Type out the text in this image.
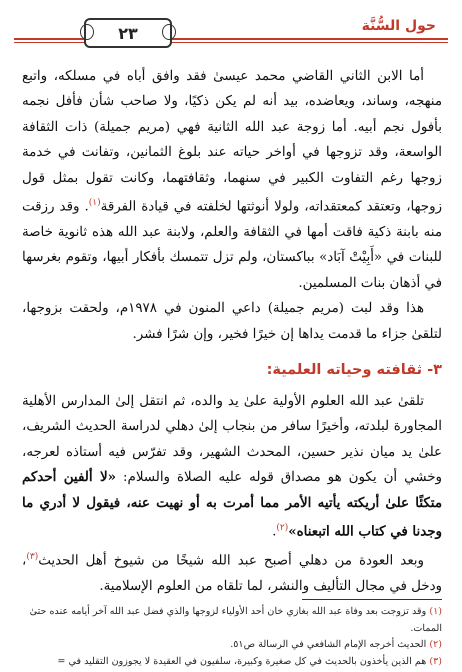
حول السُّنَّة
٢٣

أما الابن الثاني القاضي محمد عيسىٰ فقد وافق أباه في مسلكه، واتبع منهجه، وساند، ويعاضده، بيد أنه لم يكن ذكيًا، ولا صاحب شأن فأفل نجمه بأفول نجم أبيه. أما زوجة عبد الله الثانية فهي (مريم جميلة) ذات الثقافة الواسعة، وقد تزوجها في أواخر حياته عند بلوغ الثمانين، وتفانت في خدمة زوجها رغم التفاوت الكبير في سنهما، وثقافتهما، وكانت تقول بمثل قول زوجها، وتعتقد كمعتقداته، ولولا أنوثتها لخلفته في قيادة الفرقة$^{(١)}$. وقد رزقت منه بابنة ذكية فاقت أمها في الثقافة والعلم، ولابنة عبد الله هذه ثانوية خاصة للبنات في «أَبِيْتْ آبَاد» بباكستان، ولم تزل تتمسك بأفكار أبيها، وتقوم بغرسها في أذهان بنات المسلمين.

هذا وقد لبت (مريم جميلة) داعي المنون في ١٩٧٨م، ولحقت بزوجها، لتلقىٰ جزاء ما قدمت يداها إن خيرًا فخير، وإن شرًا فشر.

٣- ثقافته وحياته العلمية:

تلقىٰ عبد الله العلوم الأولية علىٰ يد والده، ثم انتقل إلىٰ المدارس الأهلية المجاورة لبلدته، وأخيرًا سافر من بنجاب إلىٰ دهلي لدراسة الحديث الشريف، علىٰ يد ميان نذير حسين، المحدث الشهير، وقد تفرّس فيه أستاذه لعرجه، وخشي أن يكون هو مصداق قوله عليه الصلاة والسلام: «لا ألفين أحدكم متكئًا علىٰ أريكته يأتيه الأمر مما أمرت به أو نهيت عنه، فيقول لا أدري ما وجدنا في كتاب الله اتبعناه»$^{(٢)}$.

وبعد العودة من دهلي أصبح عبد الله شيخًا من شيوخ أهل الحديث$^{(٣)}$، ودخل في مجال التأليف والنشر، لما تلقاه من العلوم الإسلامية.

(١) وقد تزوجت بعد وفاة عبد الله بغازي خان أحد الأولياء لزوجها والذي فضل عبد الله آخر أيامه عنده حتىٰ الممات.

(٢) الحديث أخرجه الإمام الشافعي في الرسالة ص٥١.

(٣) هم الذين يأخذون بالحديث في كل صغيرة وكبيرة، سلفيون في العقيدة لا يجوزون التقليد في =
